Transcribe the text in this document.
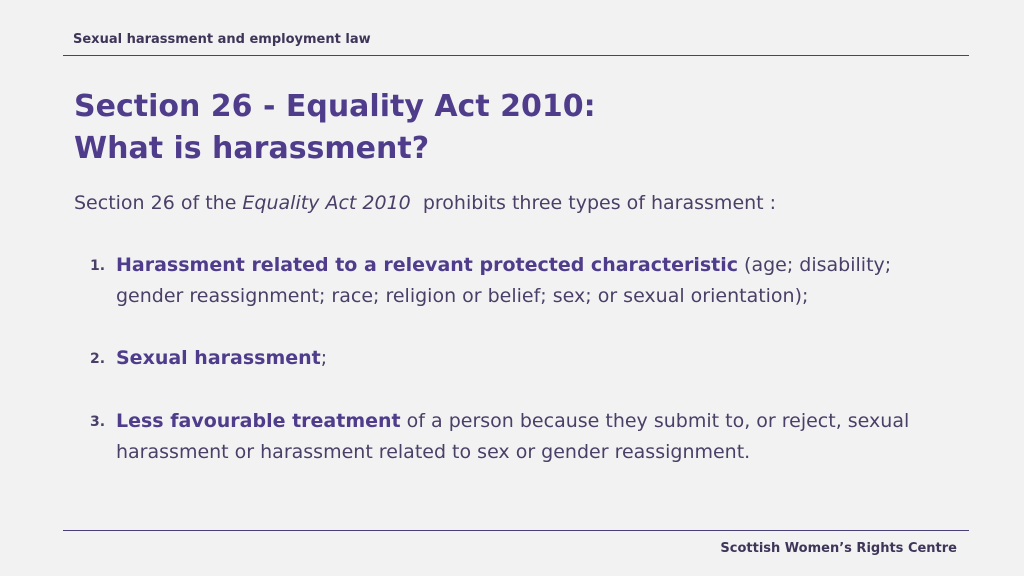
Sexual harassment and employment law
Section 26 - Equality Act 2010:
What is harassment?

Section 26 of the Equality Act 2010  prohibits three types of harassment :

1. Harassment related to a relevant protected characteristic (age; disability; gender reassignment; race; religion or belief; sex; or sexual orientation);
2. Sexual harassment;
3. Less favourable treatment of a person because they submit to, or reject, sexual harassment or harassment related to sex or gender reassignment.
Scottish Women’s Rights Centre
